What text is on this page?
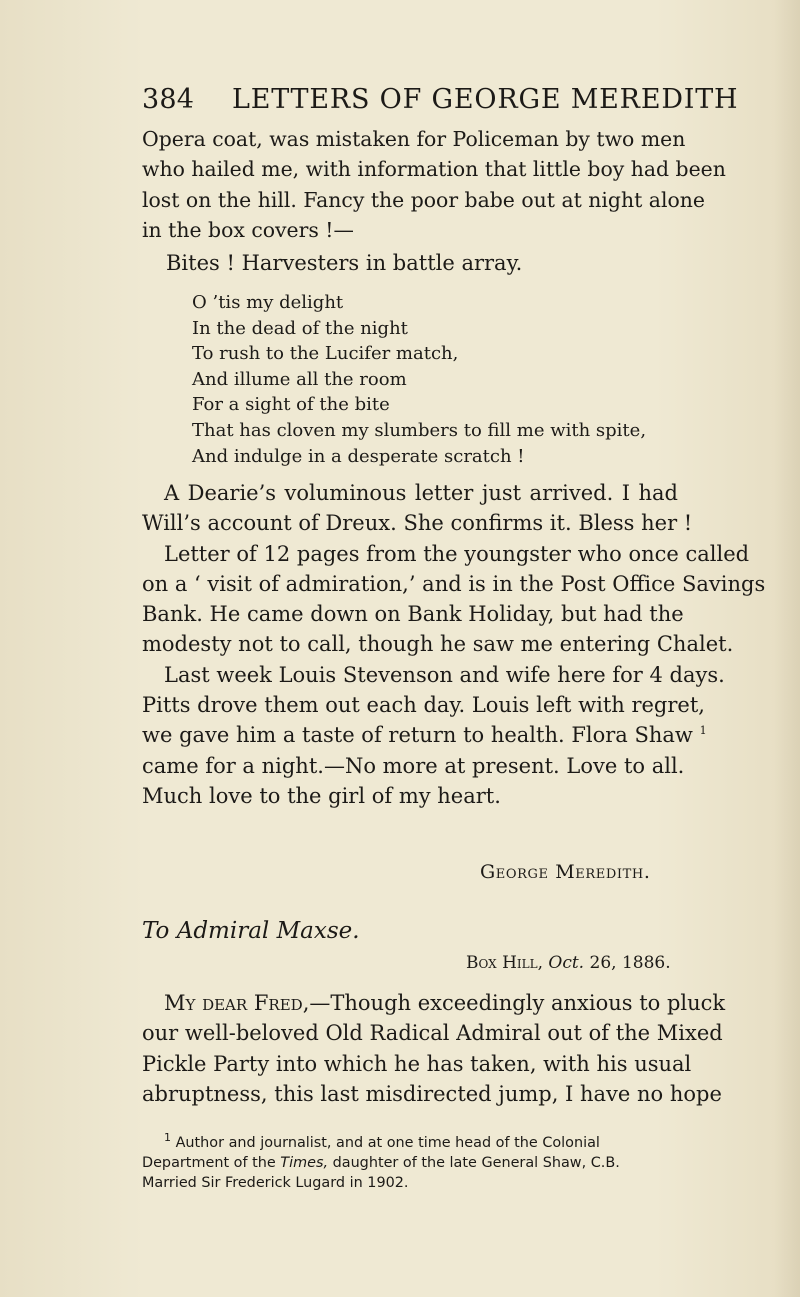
384 LETTERS OF GEORGE MEREDITH
Opera coat, was mistaken for Policeman by two men
who hailed me, with information that little boy had been
lost on the hill. Fancy the poor babe out at night alone
in the box covers !—
Bites ! Harvesters in battle array.
O ’tis my delight
In the dead of the night
To rush to the Lucifer match,
And illume all the room
For a sight of the bite
That has cloven my slumbers to fill me with spite,
And indulge in a desperate scratch !
A Dearie’s voluminous letter just arrived. I had
Will’s account of Dreux. She confirms it. Bless her !
Letter of 12 pages from the youngster who once called
on a ‘ visit of admiration,’ and is in the Post Office Savings
Bank. He came down on Bank Holiday, but had the
modesty not to call, though he saw me entering Chalet.
Last week Louis Stevenson and wife here for 4 days.
Pitts drove them out each day. Louis left with regret,
we gave him a taste of return to health. Flora Shaw $^1$
came for a night.—No more at present. Love to all.
Much love to the girl of my heart.
George Meredith.
To Admiral Maxse.
Box Hill, Oct. 26, 1886.
My dear Fred,—Though exceedingly anxious to pluck
our well-beloved Old Radical Admiral out of the Mixed
Pickle Party into which he has taken, with his usual
abruptness, this last misdirected jump, I have no hope
$^1$ Author and journalist, and at one time head of the Colonial
Department of the Times, daughter of the late General Shaw, C.B.
Married Sir Frederick Lugard in 1902.
